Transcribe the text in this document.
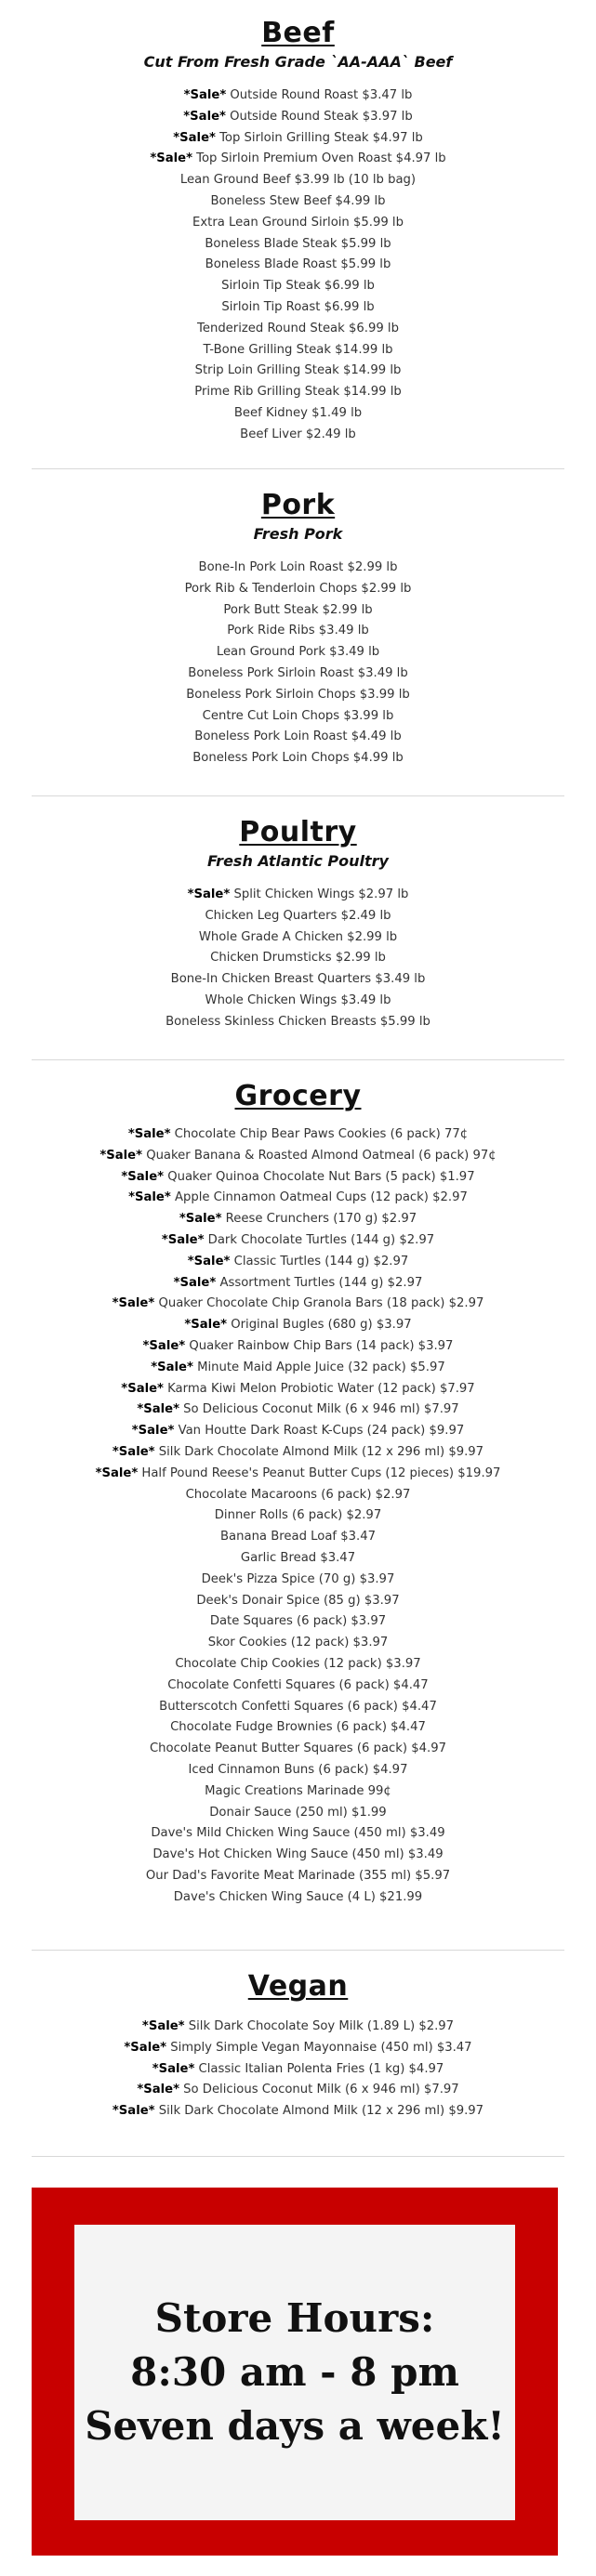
Beef
Cut From Fresh Grade `AA-AAA` Beef
*Sale* Outside Round Roast $3.47 lb
*Sale* Outside Round Steak $3.97 lb
*Sale* Top Sirloin Grilling Steak $4.97 lb
*Sale* Top Sirloin Premium Oven Roast $4.97 lb
Lean Ground Beef $3.99 lb (10 lb bag)
Boneless Stew Beef $4.99 lb
Extra Lean Ground Sirloin $5.99 lb
Boneless Blade Steak $5.99 lb
Boneless Blade Roast $5.99 lb
Sirloin Tip Steak $6.99 lb
Sirloin Tip Roast $6.99 lb
Tenderized Round Steak $6.99 lb
T-Bone Grilling Steak $14.99 lb
Strip Loin Grilling Steak $14.99 lb
Prime Rib Grilling Steak $14.99 lb
Beef Kidney $1.49 lb
Beef Liver $2.49 lb
Pork
Fresh Pork
Bone-In Pork Loin Roast $2.99 lb
Pork Rib & Tenderloin Chops $2.99 lb
Pork Butt Steak $2.99 lb
Pork Ride Ribs $3.49 lb
Lean Ground Pork $3.49 lb
Boneless Pork Sirloin Roast $3.49 lb
Boneless Pork Sirloin Chops $3.99 lb
Centre Cut Loin Chops $3.99 lb
Boneless Pork Loin Roast $4.49 lb
Boneless Pork Loin Chops $4.99 lb
Poultry
Fresh Atlantic Poultry
*Sale* Split Chicken Wings $2.97 lb
Chicken Leg Quarters $2.49 lb
Whole Grade A Chicken $2.99 lb
Chicken Drumsticks $2.99 lb
Bone-In Chicken Breast Quarters $3.49 lb
Whole Chicken Wings $3.49 lb
Boneless Skinless Chicken Breasts $5.99 lb
Grocery
*Sale* Chocolate Chip Bear Paws Cookies (6 pack) 77¢
*Sale* Quaker Banana & Roasted Almond Oatmeal (6 pack) 97¢
*Sale* Quaker Quinoa Chocolate Nut Bars (5 pack) $1.97
*Sale* Apple Cinnamon Oatmeal Cups (12 pack) $2.97
*Sale* Reese Crunchers (170 g) $2.97
*Sale* Dark Chocolate Turtles (144 g) $2.97
*Sale* Classic Turtles (144 g) $2.97
*Sale* Assortment Turtles (144 g) $2.97
*Sale* Quaker Chocolate Chip Granola Bars (18 pack) $2.97
*Sale* Original Bugles (680 g) $3.97
*Sale* Quaker Rainbow Chip Bars (14 pack) $3.97
*Sale* Minute Maid Apple Juice (32 pack) $5.97
*Sale* Karma Kiwi Melon Probiotic Water (12 pack) $7.97
*Sale* So Delicious Coconut Milk (6 x 946 ml) $7.97
*Sale* Van Houtte Dark Roast K-Cups (24 pack) $9.97
*Sale* Silk Dark Chocolate Almond Milk (12 x 296 ml) $9.97
*Sale* Half Pound Reese's Peanut Butter Cups (12 pieces) $19.97
Chocolate Macaroons (6 pack) $2.97
Dinner Rolls (6 pack) $2.97
Banana Bread Loaf $3.47
Garlic Bread $3.47
Deek's Pizza Spice (70 g) $3.97
Deek's Donair Spice (85 g) $3.97
Date Squares (6 pack) $3.97
Skor Cookies (12 pack) $3.97
Chocolate Chip Cookies (12 pack) $3.97
Chocolate Confetti Squares (6 pack) $4.47
Butterscotch Confetti Squares (6 pack) $4.47
Chocolate Fudge Brownies (6 pack) $4.47
Chocolate Peanut Butter Squares (6 pack) $4.97
Iced Cinnamon Buns (6 pack) $4.97
Magic Creations Marinade 99¢
Donair Sauce (250 ml) $1.99
Dave's Mild Chicken Wing Sauce (450 ml) $3.49
Dave's Hot Chicken Wing Sauce (450 ml) $3.49
Our Dad's Favorite Meat Marinade (355 ml) $5.97
Dave's Chicken Wing Sauce (4 L) $21.99
Vegan
*Sale* Silk Dark Chocolate Soy Milk (1.89 L) $2.97
*Sale* Simply Simple Vegan Mayonnaise (450 ml) $3.47
*Sale* Classic Italian Polenta Fries (1 kg) $4.97
*Sale* So Delicious Coconut Milk (6 x 946 ml) $7.97
*Sale* Silk Dark Chocolate Almond Milk (12 x 296 ml) $9.97
Store Hours:
8:30 am - 8 pm
Seven days a week!
